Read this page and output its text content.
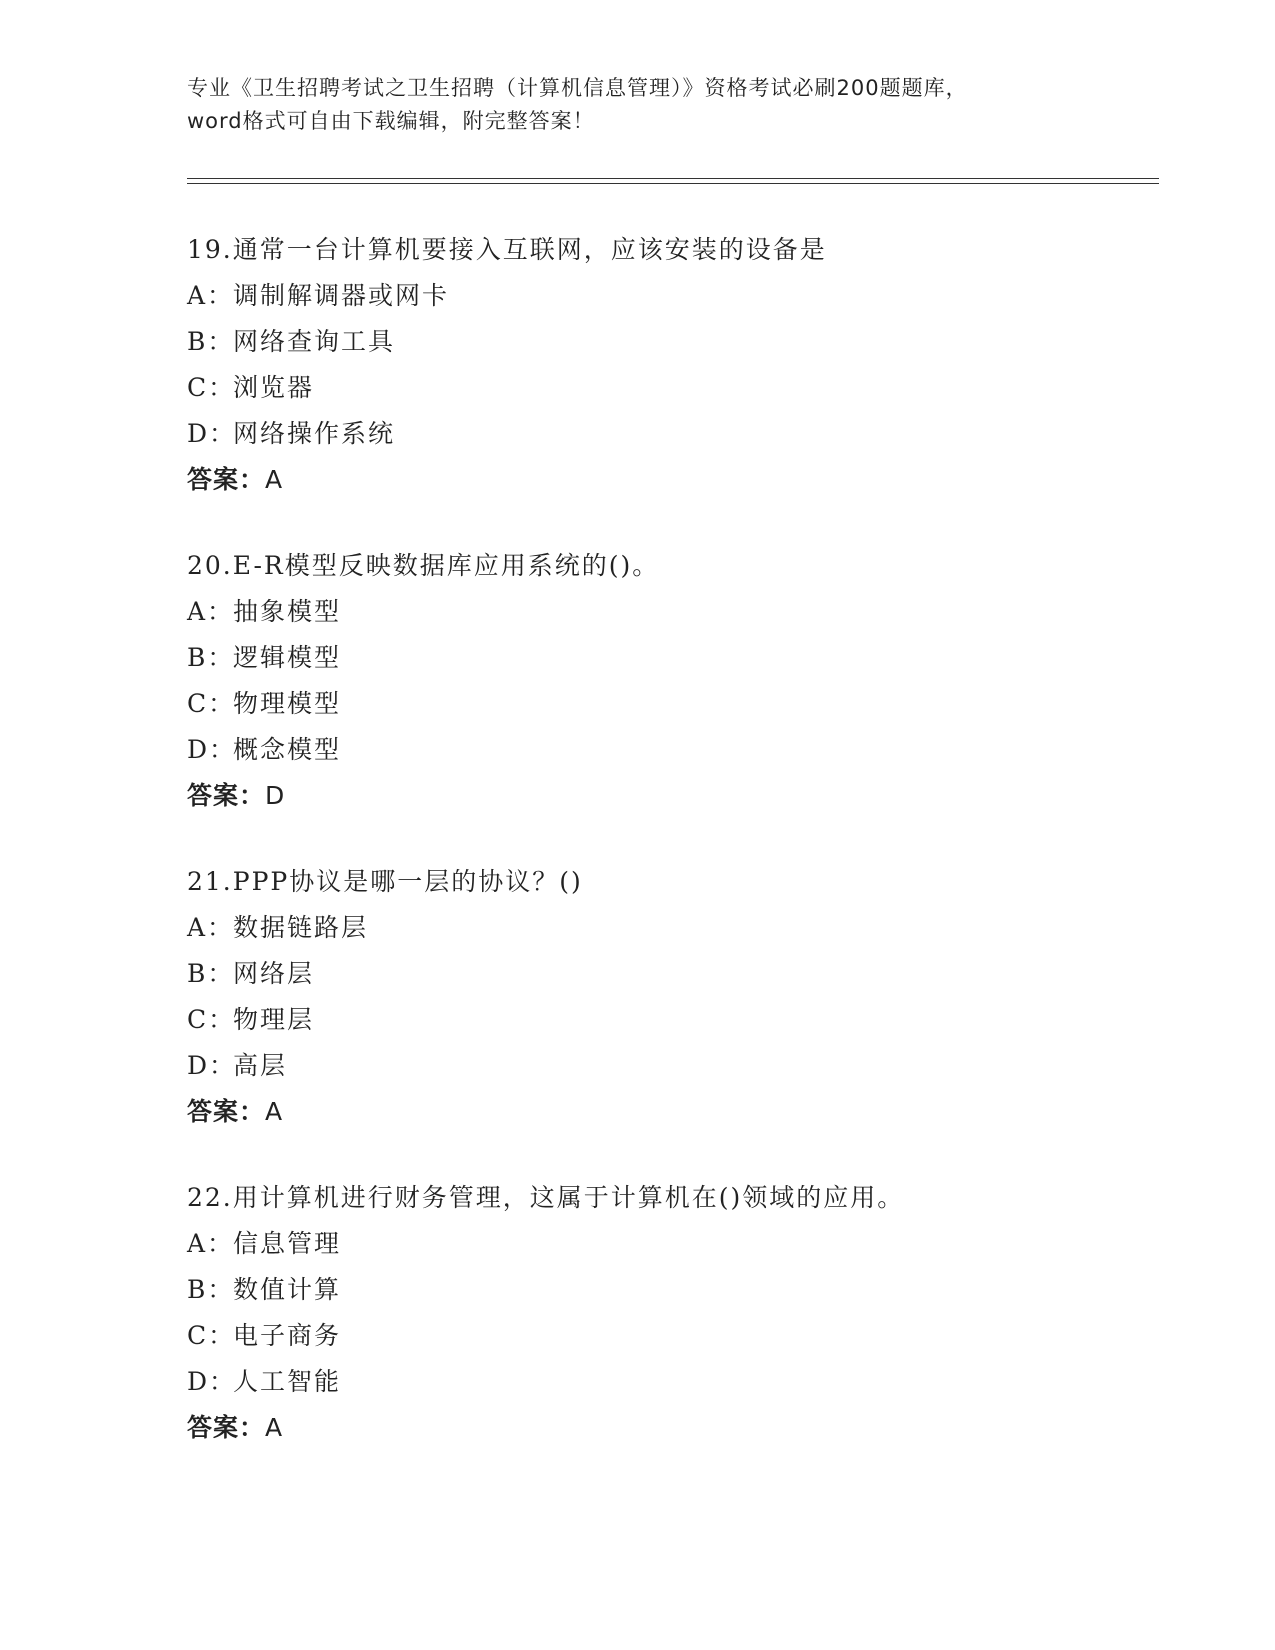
专业《卫生招聘考试之卫生招聘（计算机信息管理）》资格考试必刷200题题库，
word格式可自由下载编辑，附完整答案！
19.通常一台计算机要接入互联网，应该安装的设备是
A：调制解调器或网卡
B：网络查询工具
C：浏览器
D：网络操作系统
答案：A
20.E-R模型反映数据库应用系统的()。
A：抽象模型
B：逻辑模型
C：物理模型
D：概念模型
答案：D
21.PPP协议是哪一层的协议？()
A：数据链路层
B：网络层
C：物理层
D：高层
答案：A
22.用计算机进行财务管理，这属于计算机在()领域的应用。
A：信息管理
B：数值计算
C：电子商务
D：人工智能
答案：A
